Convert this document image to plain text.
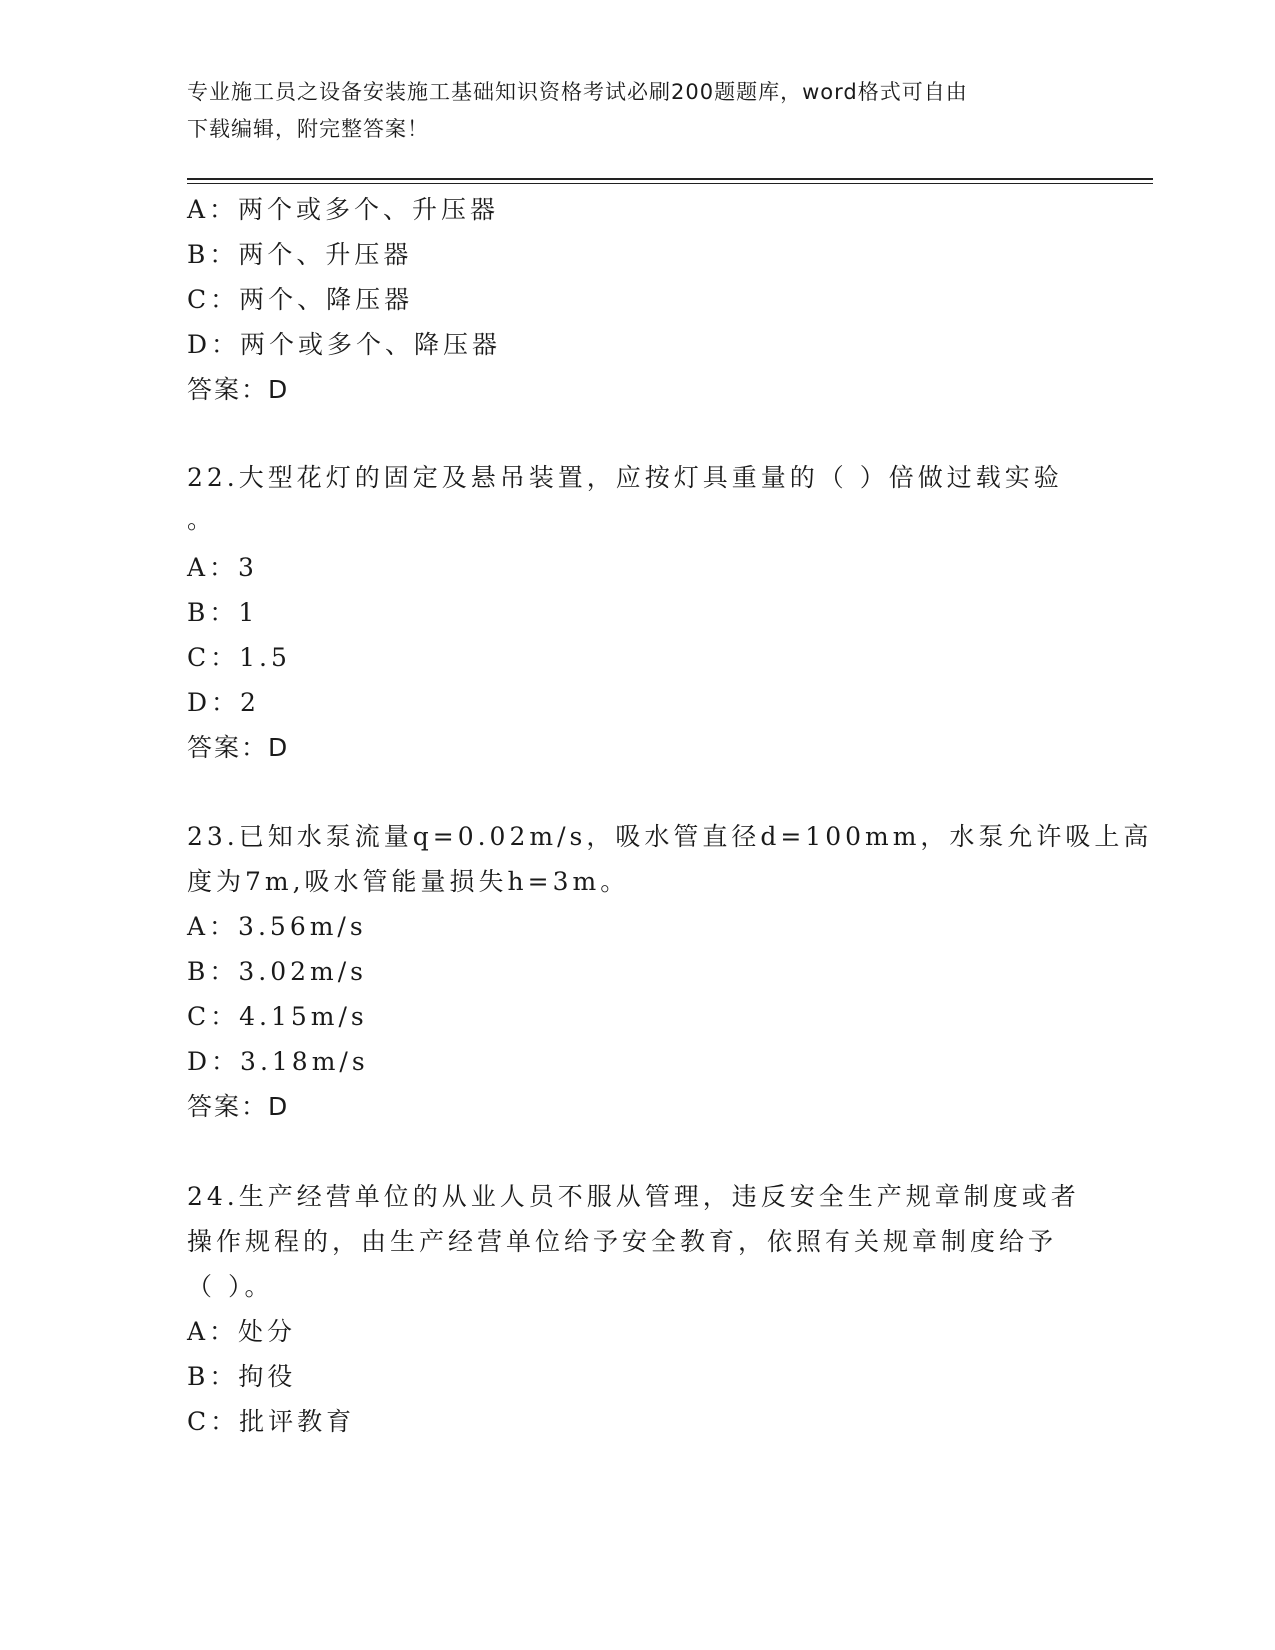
专业施工员之设备安装施工基础知识资格考试必刷200题题库，word格式可自由
下载编辑，附完整答案！
A：两个或多个、升压器
B：两个、升压器
C：两个、降压器
D：两个或多个、降压器
答案：D
22.大型花灯的固定及悬吊装置，应按灯具重量的（ ）倍做过载实验
。
A：3
B：1
C：1.5
D：2
答案：D
23.已知水泵流量q=0.02m/s，吸水管直径d=100mm，水泵允许吸上高
度为7m,吸水管能量损失h=3m。
A：3.56m/s
B：3.02m/s
C：4.15m/s
D：3.18m/s
答案：D
24.生产经营单位的从业人员不服从管理，违反安全生产规章制度或者
操作规程的，由生产经营单位给予安全教育，依照有关规章制度给予
（ ）。
A：处分
B：拘役
C：批评教育
